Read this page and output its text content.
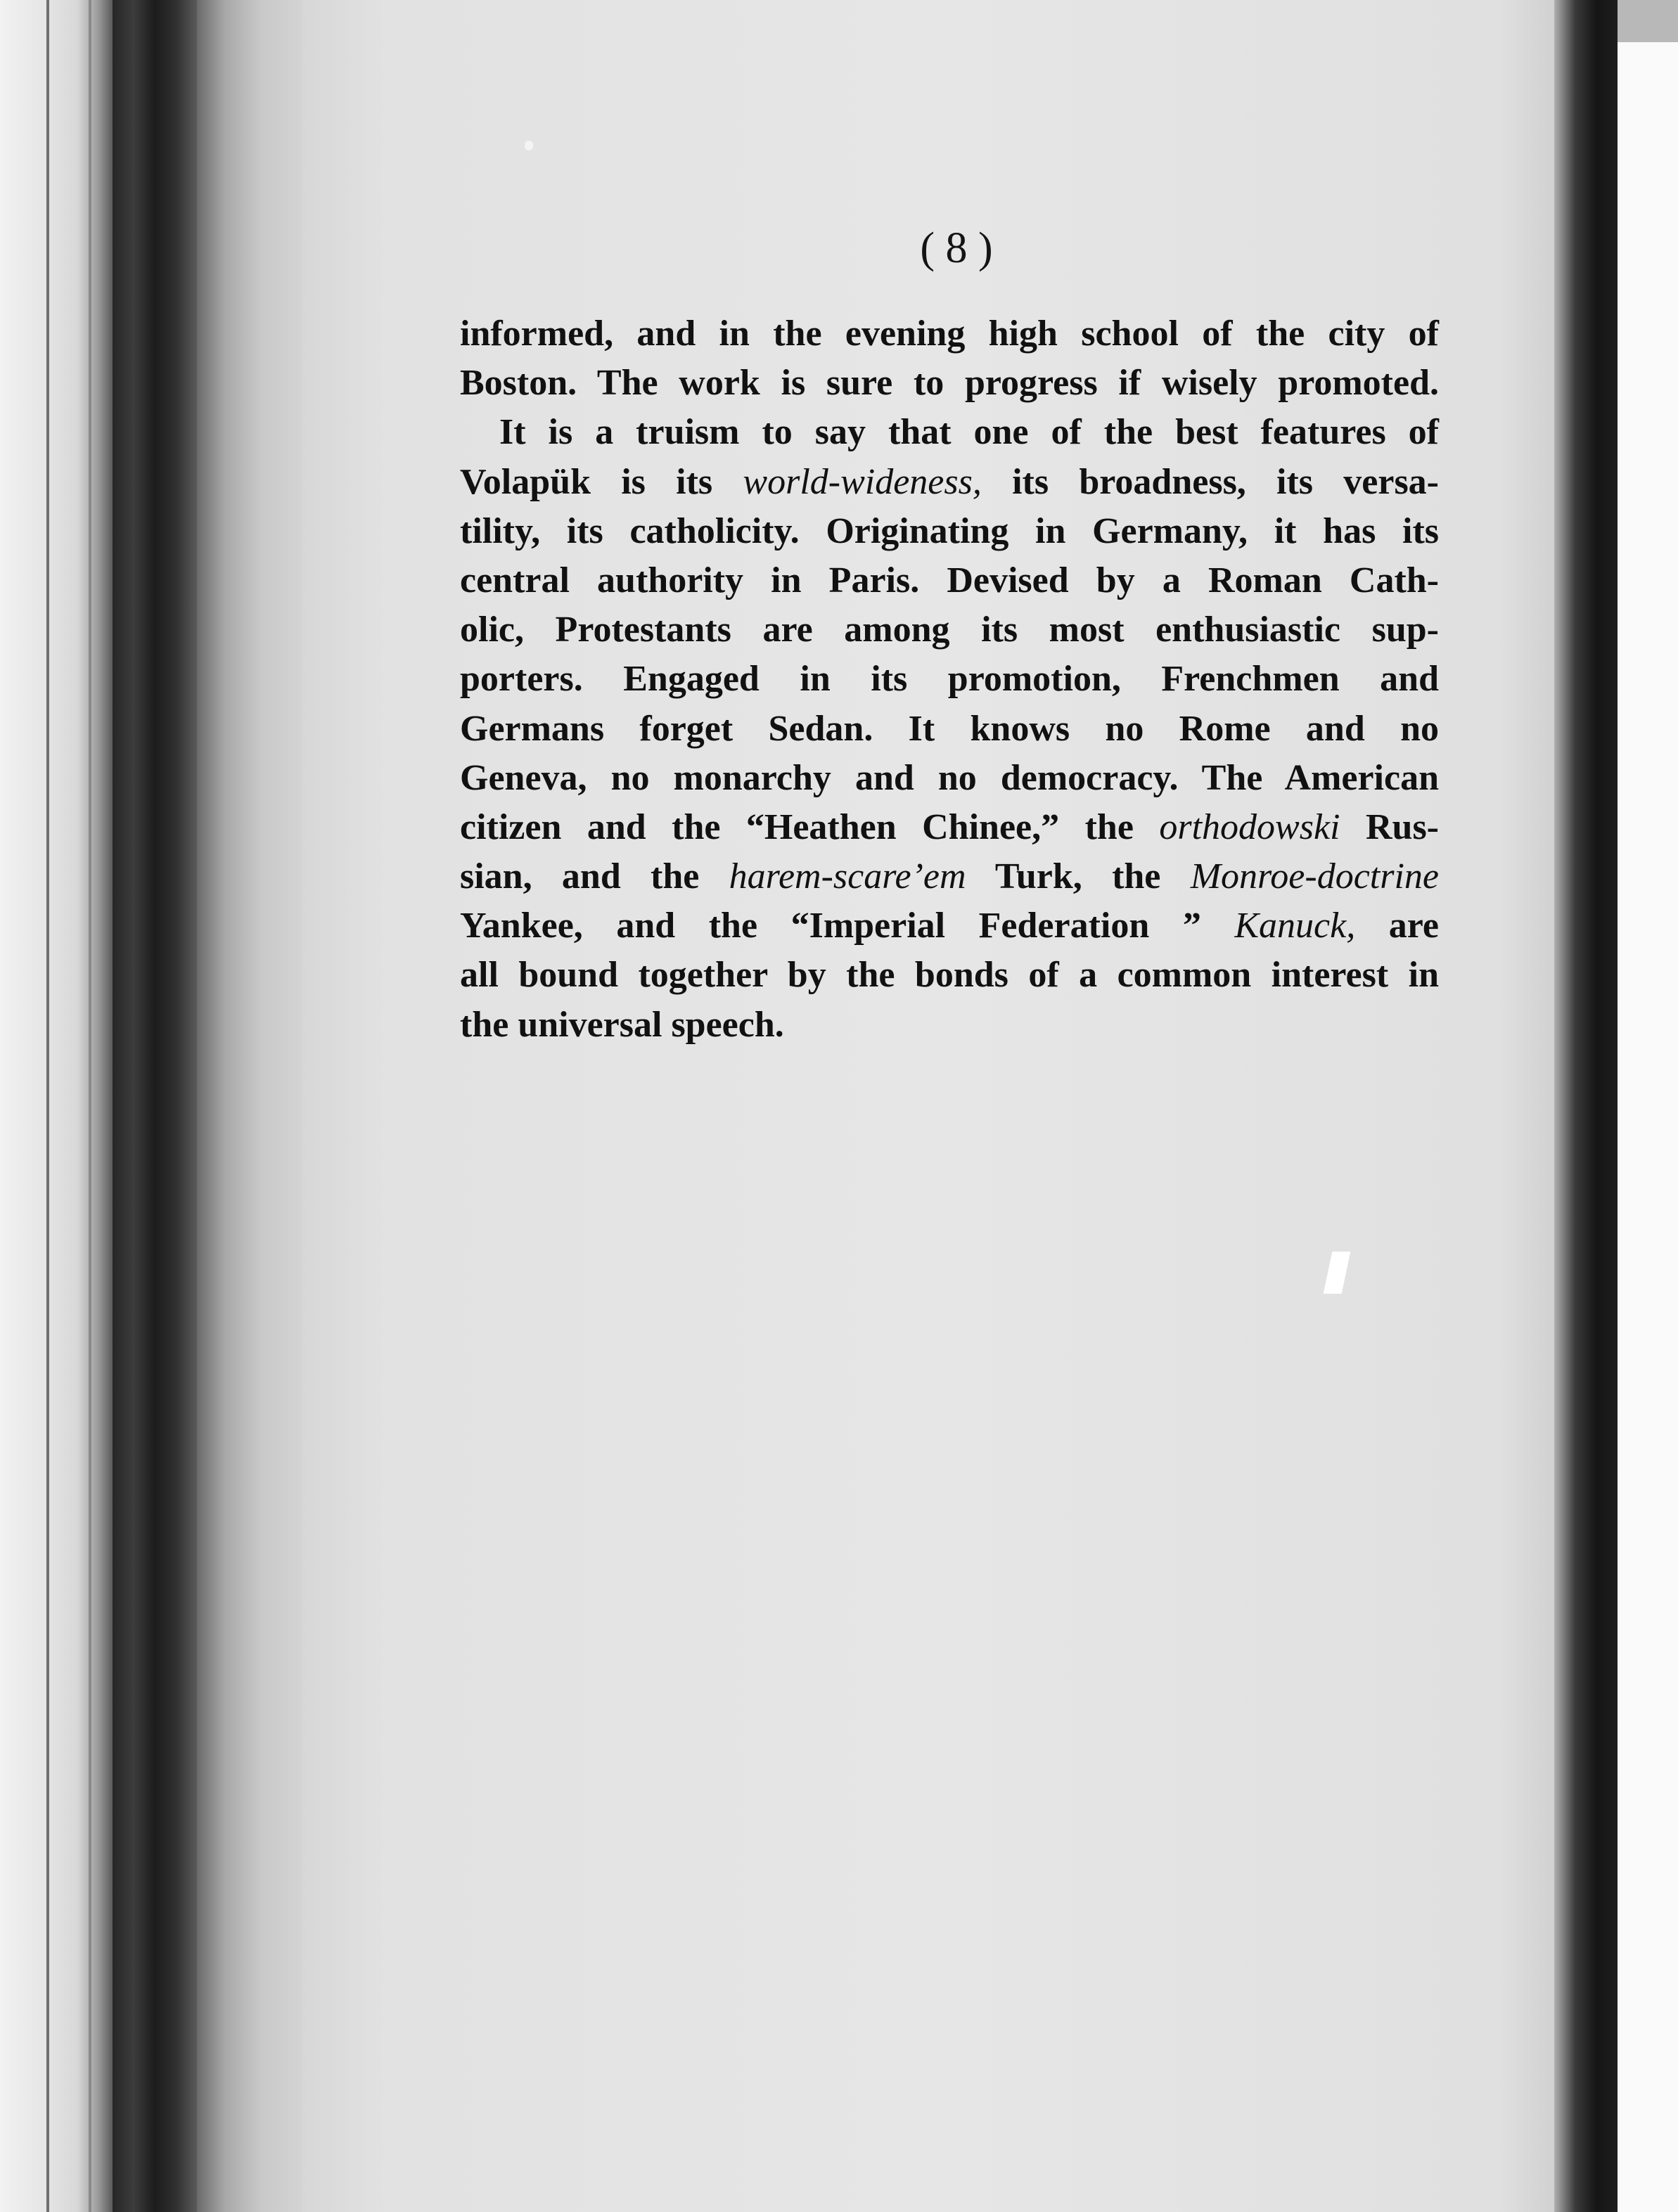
( 8 )

informed, and in the evening high school of the city of
Boston. The work is sure to progress if wisely promoted.
It is a truism to say that one of the best features of
Volapük is its world-wideness, its broadness, its versa-
tility, its catholicity. Originating in Germany, it has its
central authority in Paris. Devised by a Roman Cath-
olic, Protestants are among its most enthusiastic sup-
porters. Engaged in its promotion, Frenchmen and
Germans forget Sedan. It knows no Rome and no
Geneva, no monarchy and no democracy. The American
citizen and the “Heathen Chinee,” the orthodowski Rus-
sian, and the harem-scare’em Turk, the Monroe-doctrine
Yankee, and the “Imperial Federation ” Kanuck, are
all bound together by the bonds of a common interest in
the universal speech.
